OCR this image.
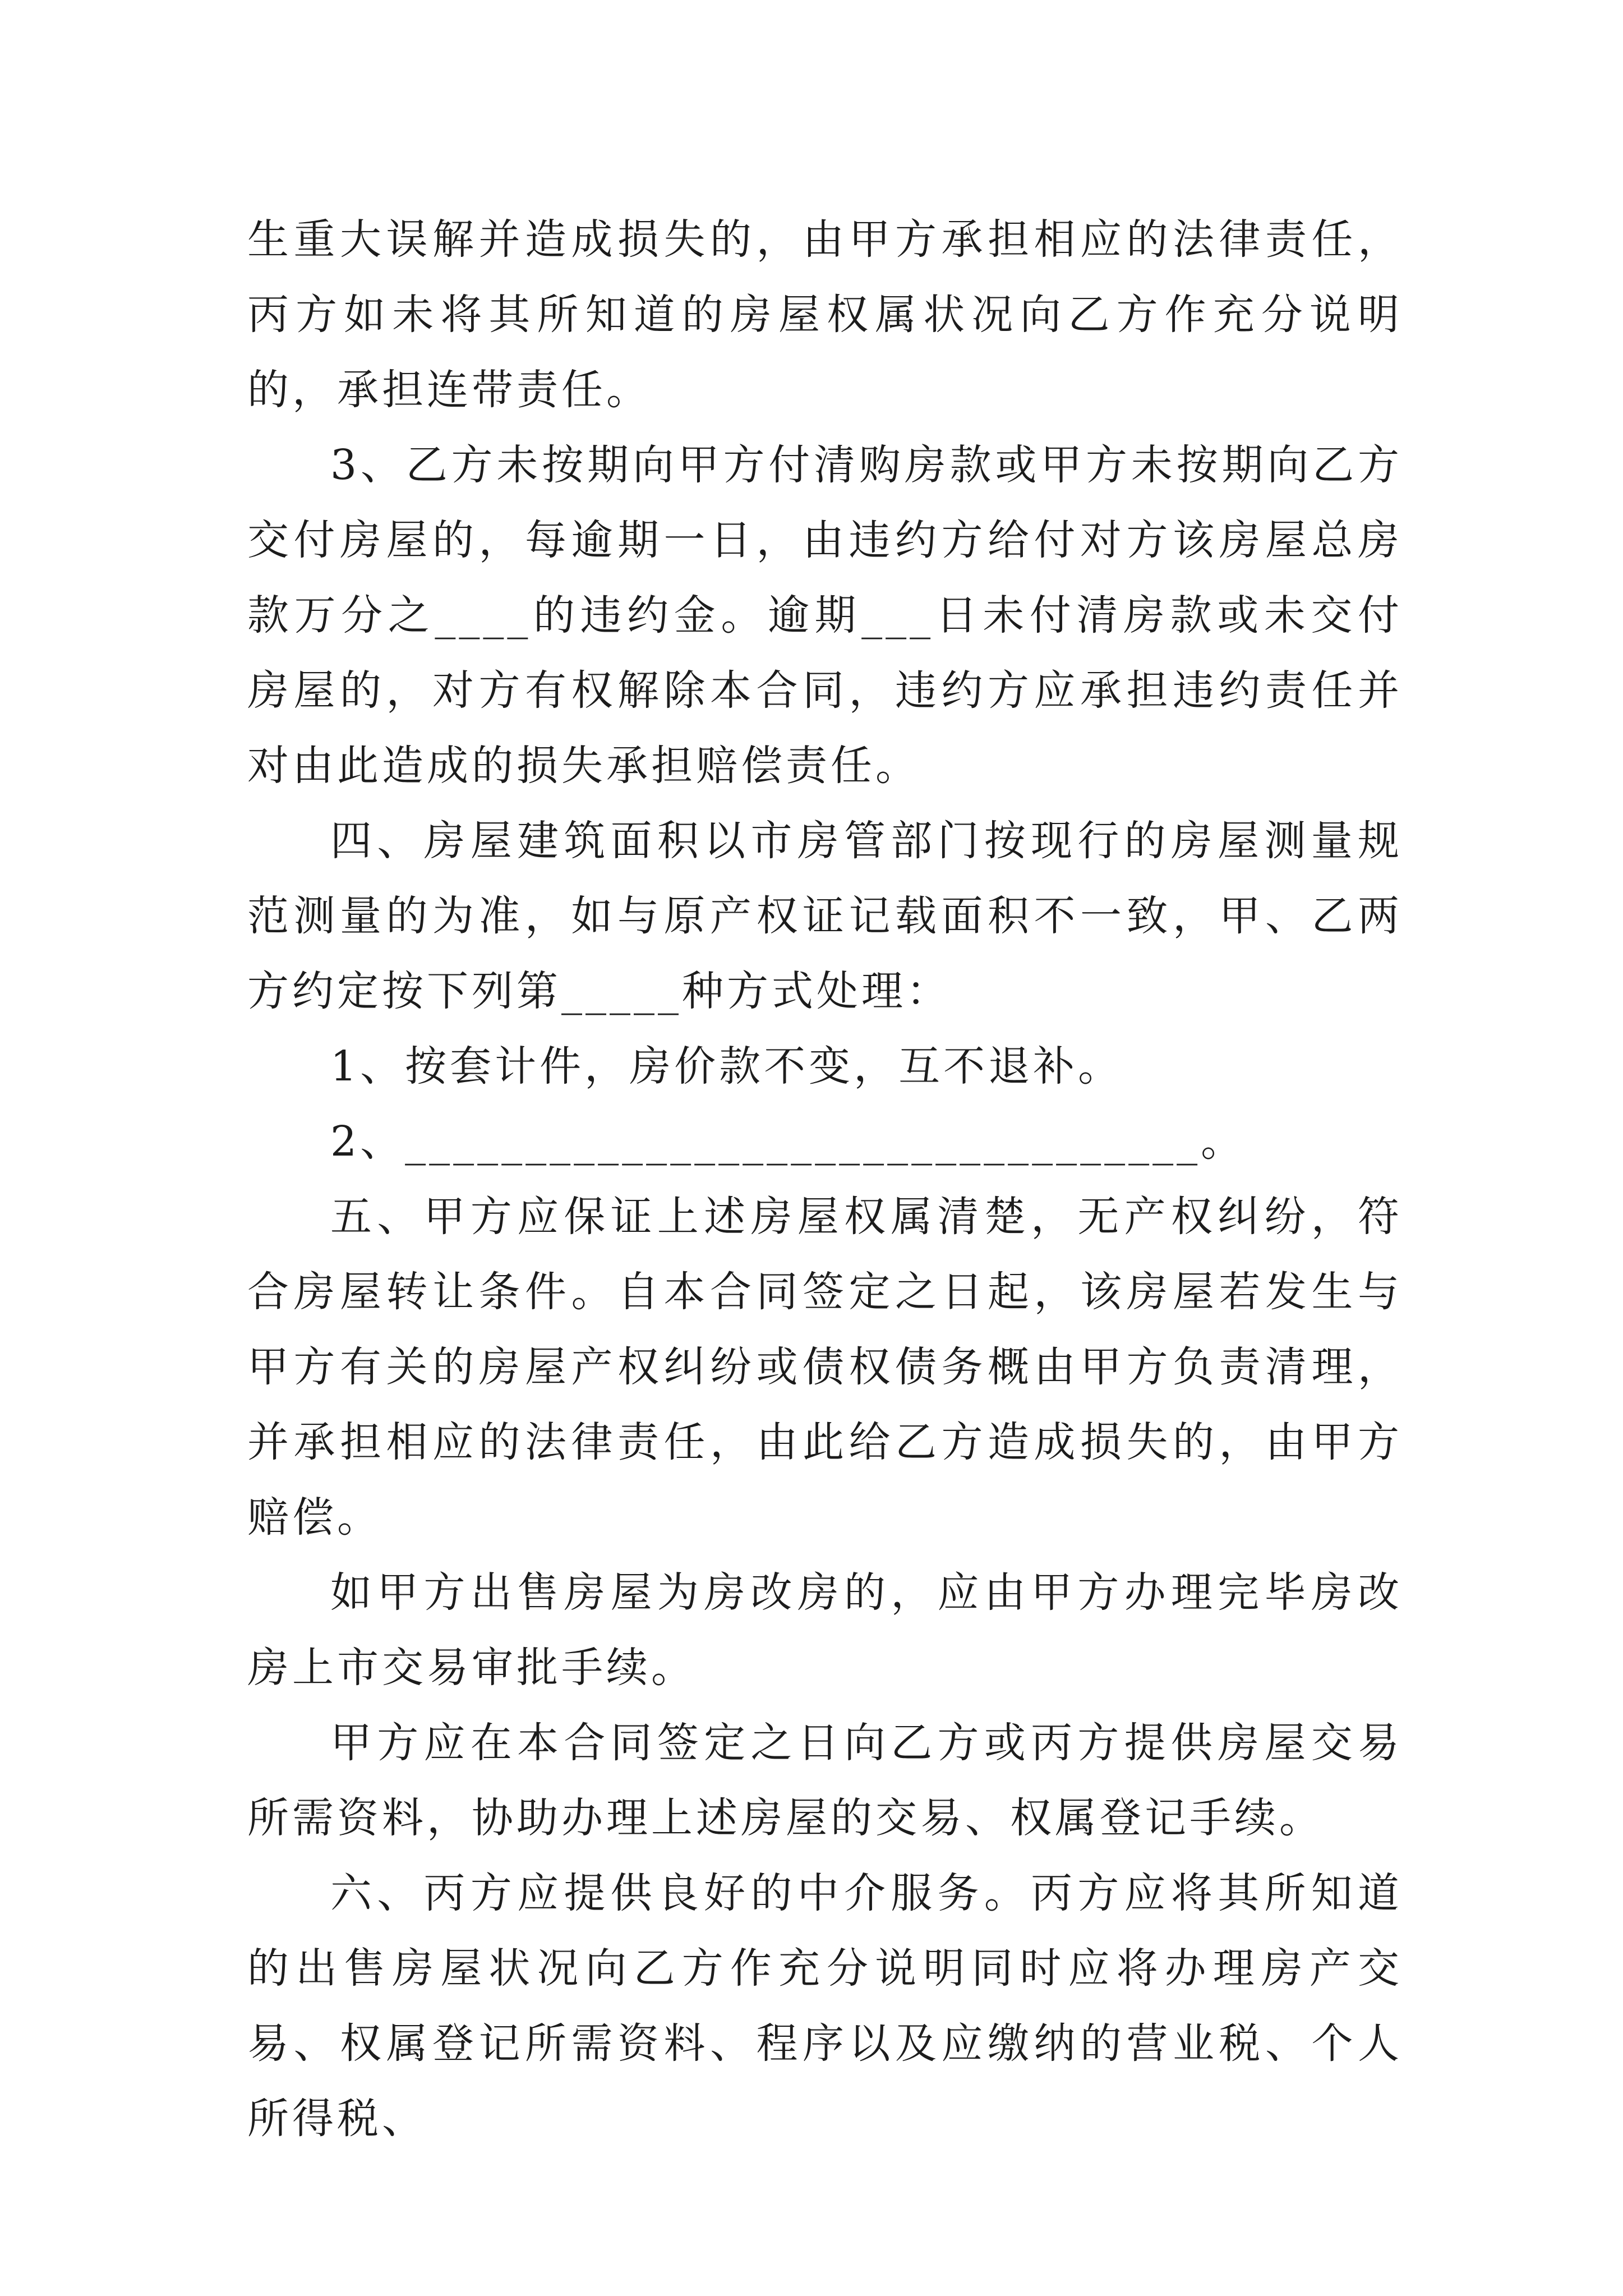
生重大误解并造成损失的，由甲方承担相应的法律责任，丙方如未将其所知道的房屋权属状况向乙方作充分说明的，承担连带责任。

3、乙方未按期向甲方付清购房款或甲方未按期向乙方交付房屋的，每逾期一日，由违约方给付对方该房屋总房款万分之____的违约金。逾期___日未付清房款或未交付房屋的，对方有权解除本合同，违约方应承担违约责任并对由此造成的损失承担赔偿责任。

四、房屋建筑面积以市房管部门按现行的房屋测量规范测量的为准，如与原产权证记载面积不一致，甲、乙两方约定按下列第_____种方式处理：

1、按套计件，房价款不变，互不退补。

2、_________________________________。

五、甲方应保证上述房屋权属清楚，无产权纠纷，符合房屋转让条件。自本合同签定之日起，该房屋若发生与甲方有关的房屋产权纠纷或债权债务概由甲方负责清理，并承担相应的法律责任，由此给乙方造成损失的，由甲方赔偿。

如甲方出售房屋为房改房的，应由甲方办理完毕房改房上市交易审批手续。

甲方应在本合同签定之日向乙方或丙方提供房屋交易所需资料，协助办理上述房屋的交易、权属登记手续。

六、丙方应提供良好的中介服务。丙方应将其所知道的出售房屋状况向乙方作充分说明同时应将办理房产交易、权属登记所需资料、程序以及应缴纳的营业税、个人所得税、
